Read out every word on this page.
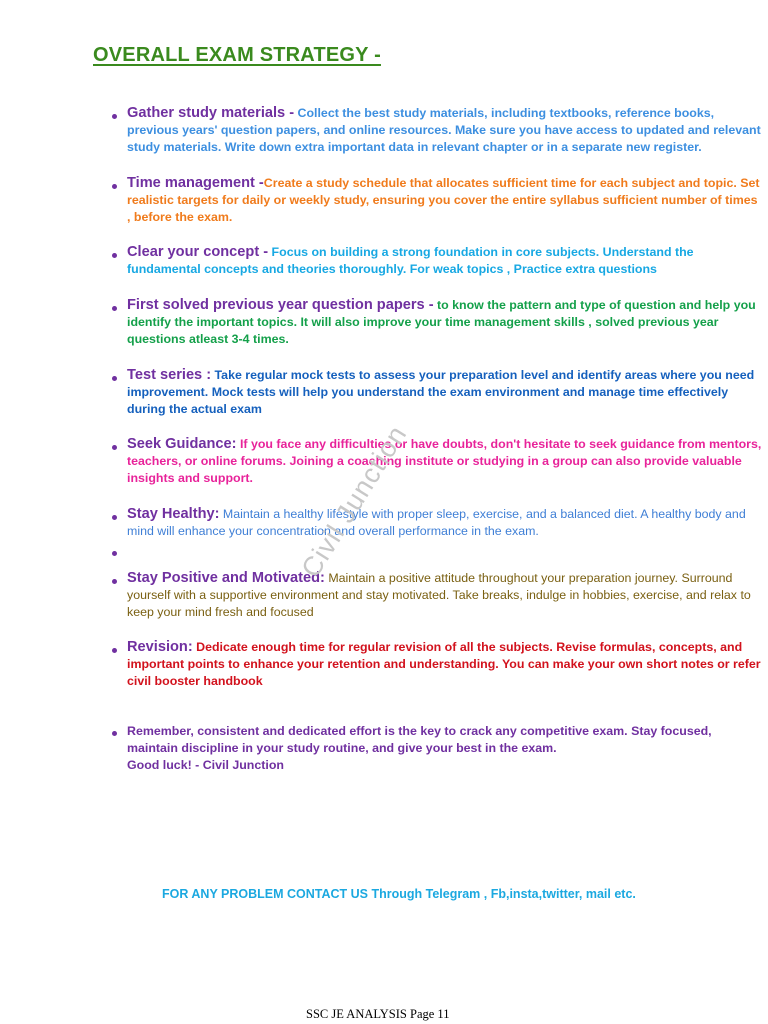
OVERALL EXAM STRATEGY -
Gather study materials - Collect the best study materials, including textbooks, reference books, previous years' question papers, and online resources. Make sure you have access to updated and relevant study materials. Write down extra important data in relevant chapter or in a separate new register.
Time management -Create a study schedule that allocates sufficient time for each subject and topic. Set realistic targets for daily or weekly study, ensuring you cover the entire syllabus sufficient number of times , before the exam.
Clear your concept - Focus on building a strong foundation in core subjects. Understand the fundamental concepts and theories thoroughly. For weak topics , Practice extra questions
First solved previous year question papers - to know the pattern and type of question and help you identify the important topics. It will also improve your time management skills , solved previous year questions atleast 3-4 times.
Test series : Take regular mock tests to assess your preparation level and identify areas where you need improvement. Mock tests will help you understand the exam environment and manage time effectively during the actual exam
Seek Guidance: If you face any difficulties or have doubts, don't hesitate to seek guidance from mentors, teachers, or online forums. Joining a coaching institute or studying in a group can also provide valuable insights and support.
Stay Healthy: Maintain a healthy lifestyle with proper sleep, exercise, and a balanced diet. A healthy body and mind will enhance your concentration and overall performance in the exam.
Stay Positive and Motivated: Maintain a positive attitude throughout your preparation journey. Surround yourself with a supportive environment and stay motivated. Take breaks, indulge in hobbies, exercise, and relax to keep your mind fresh and focused
Revision: Dedicate enough time for regular revision of all the subjects. Revise formulas, concepts, and important points to enhance your retention and understanding. You can make your own short notes or refer civil booster handbook
Remember, consistent and dedicated effort is the key to crack any competitive exam. Stay focused, maintain discipline in your study routine, and give your best in the exam.
Good luck! - Civil Junction
FOR ANY PROBLEM CONTACT US Through Telegram , Fb,insta,twitter, mail etc.
Civil Junction
SSC JE ANALYSIS Page 11
